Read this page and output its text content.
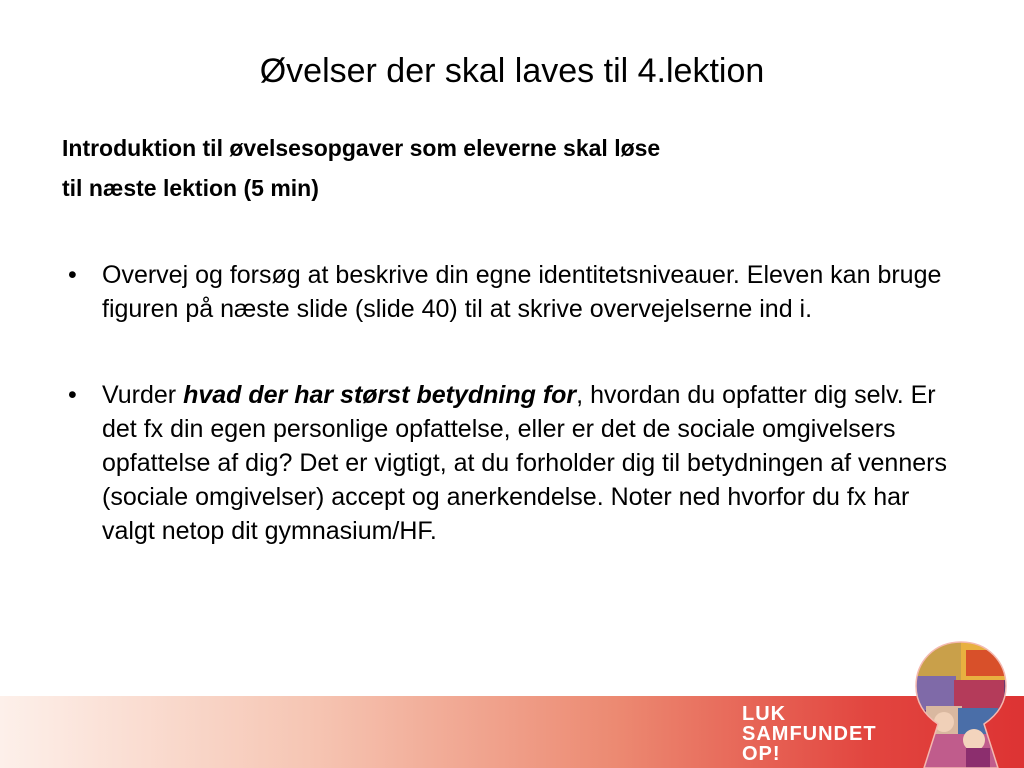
Øvelser der skal laves til 4.lektion
Introduktion til øvelsesopgaver som eleverne skal løse
til næste lektion (5 min)
• Overvej og forsøg at beskrive din egne identitetsniveauer. Eleven kan bruge figuren på næste slide (slide 40) til at skrive overvejelserne ind i.
• Vurder hvad der har størst betydning for, hvordan du opfatter dig selv. Er det fx din egen personlige opfattelse, eller er det de sociale omgivelsers opfattelse af dig? Det er vigtigt, at du forholder dig til betydningen af venners (sociale omgivelser) accept og anerkendelse. Noter ned hvorfor du fx har valgt netop dit gymnasium/HF.
LUK
SAMFUNDET
OP!
